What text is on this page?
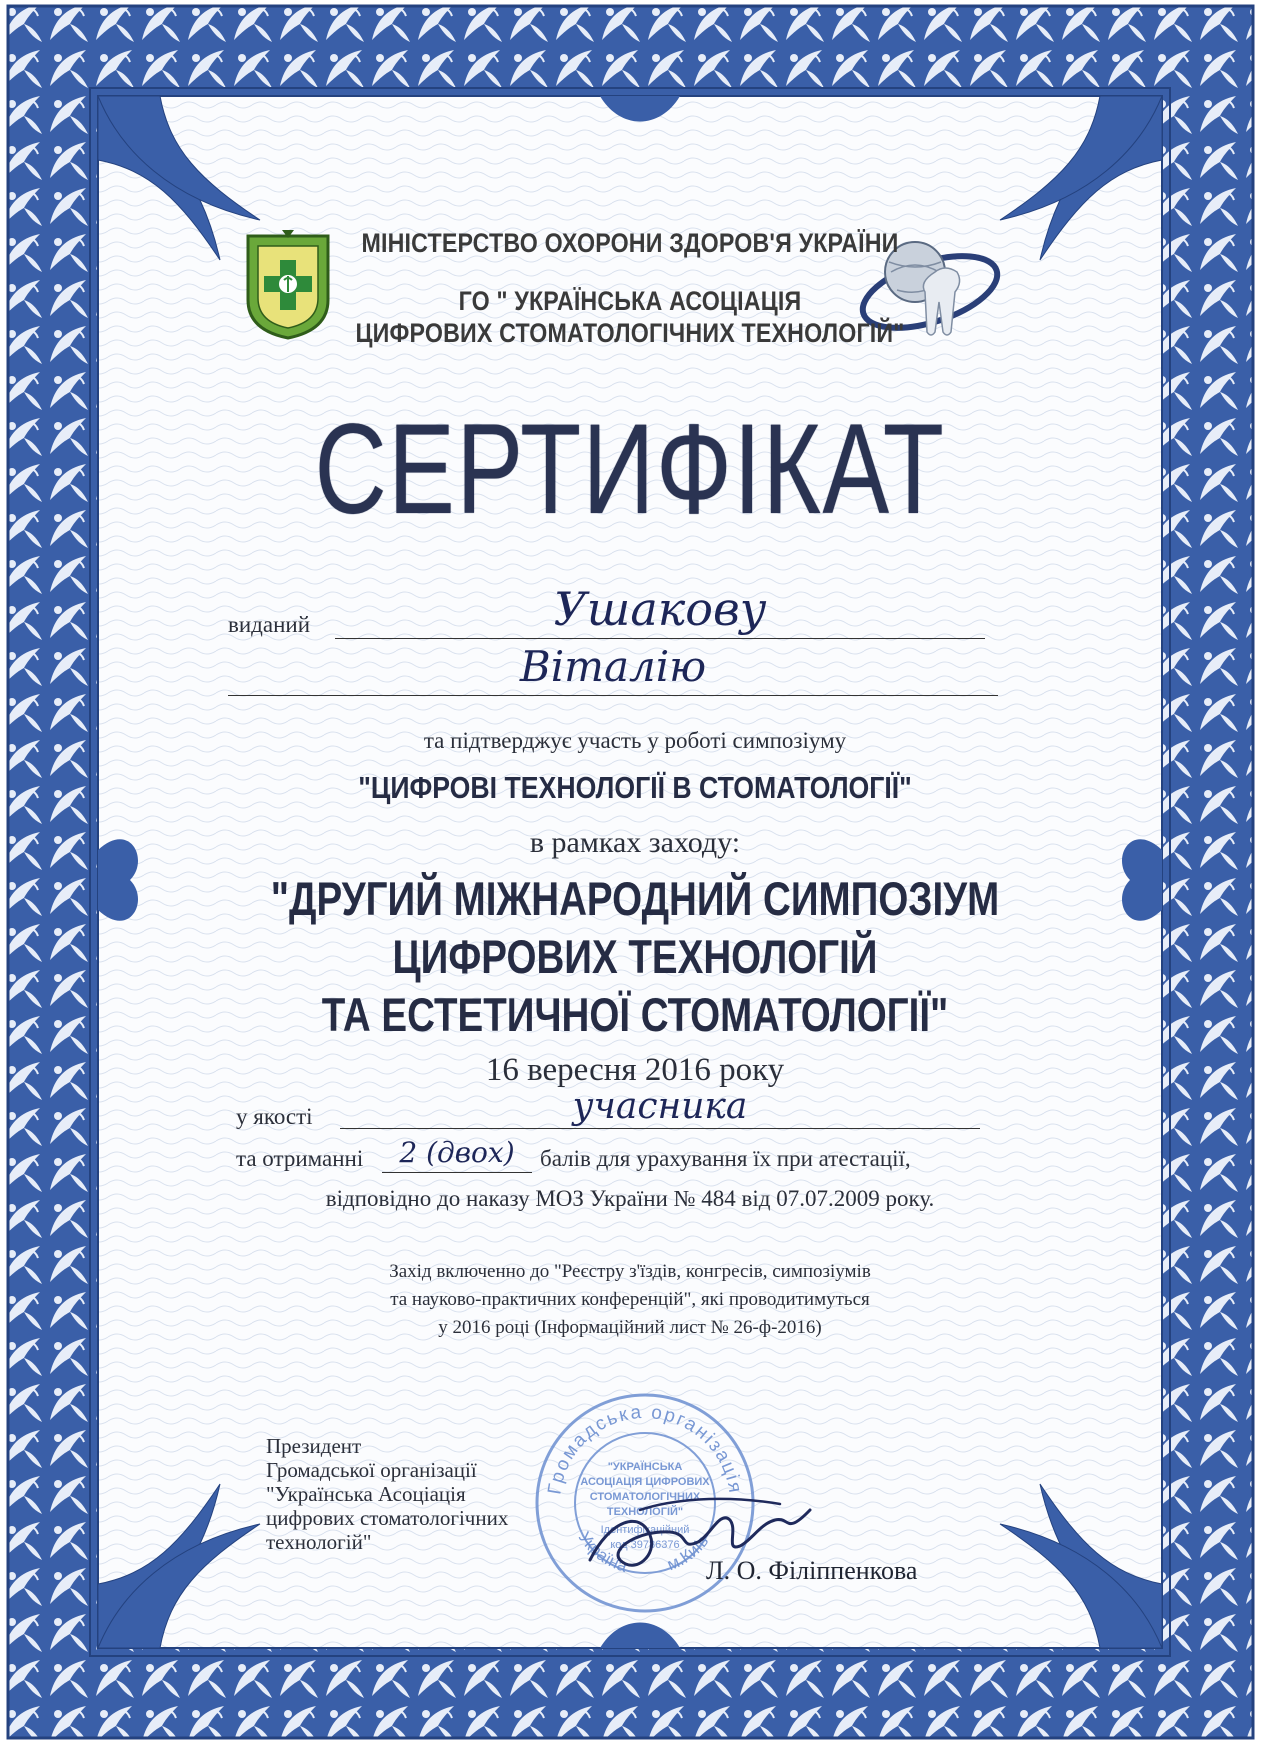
МІНІСТЕРСТВО ОХОРОНИ ЗДОРОВ'Я УКРАЇНИ
ГО " УКРАЇНСЬКА АСОЦІАЦІЯ
ЦИФРОВИХ СТОМАТОЛОГІЧНИХ ТЕХНОЛОГІЙ"
СЕРТИФІКАТ
виданий	Ушакову
Віталію
та підтверджує участь у роботі симпозіуму
"ЦИФРОВІ ТЕХНОЛОГІЇ В СТОМАТОЛОГІЇ"
в рамках заходу:
"ДРУГИЙ МІЖНАРОДНИЙ СИМПОЗІУМ
ЦИФРОВИХ ТЕХНОЛОГІЙ
ТА ЕСТЕТИЧНОЇ СТОМАТОЛОГІЇ"
16 вересня 2016 року
у якості	учасника
та отриманні	2 (двох)	балів для урахування їх при атестації,
відповідно до наказу МОЗ України № 484 від 07.07.2009 року.
Захід включенно до "Реєстру з'їздів, конгресів, симпозіумів
та науково-практичних конференцій", які проводитимуться
у 2016 році (Інформаційний лист № 26-ф-2016)
Президент
Громадської організації
"Українська Асоціація
цифрових стоматологічних
технологій"
Громадська організація
Україна м.Київ
"УКРАЇНСЬКА
АСОЦІАЦІЯ ЦИФРОВИХ
СТОМАТОЛОГІЧНИХ
ТЕХНОЛОГІЙ"
Ідентифікаційний
код 39786376
Л. О. Філіппенкова
